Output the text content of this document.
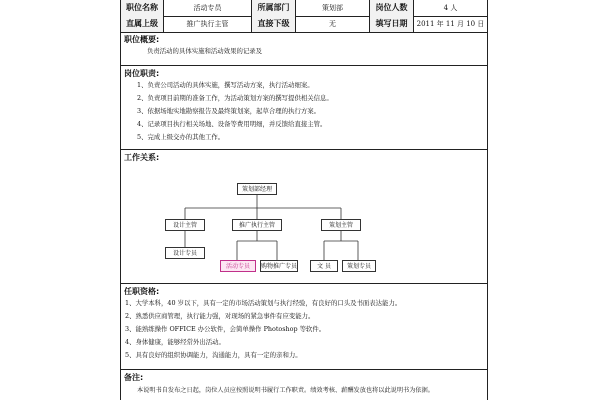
职位名称	活动专员	所属部门	策划部	岗位人数	4 人
直属上级	推广执行主管	直接下级	无	填写日期	2011 年 11 月 10 日
职位概要:
负责活动的具体实施和活动效果的记录及
岗位职责:
1、负责公司活动的具体实施，撰写活动方案，执行活动细案。
2、负责项目前期的准备工作，为活动策划方案的撰写提供相关信息。
3、依据场地实地勘察报告及最终策划案，起草合理的执行方案。
4、记录项目执行相关场地、设备等费用明细，并反馈给直接主管。
5、完成上级交办的其他工作。
工作关系:
策划部经理
设计主管	推广执行主管	策划主管
设计专员
活动专员	购物推广专员	文 员	策划专员
任职资格:
1、大学本科，40 岁以下，具有一定的市场活动策划与执行经验，有良好的口头及书面表达能力。
2、熟悉供应商管理，执行能力强，对现场的紧急事件有应变能力。
3、能熟练操作 OFFICE 办公软件，会简单操作 Photoshop 等软件。
4、身体健康，能够经常外出活动。
5、具有良好的组织协调能力，沟通能力，具有一定的亲和力。
备注:
本说明书自发布之日起，岗位人员应按照说明书履行工作职责。绩效考核、薪酬发放也将以此说明书为依据。
